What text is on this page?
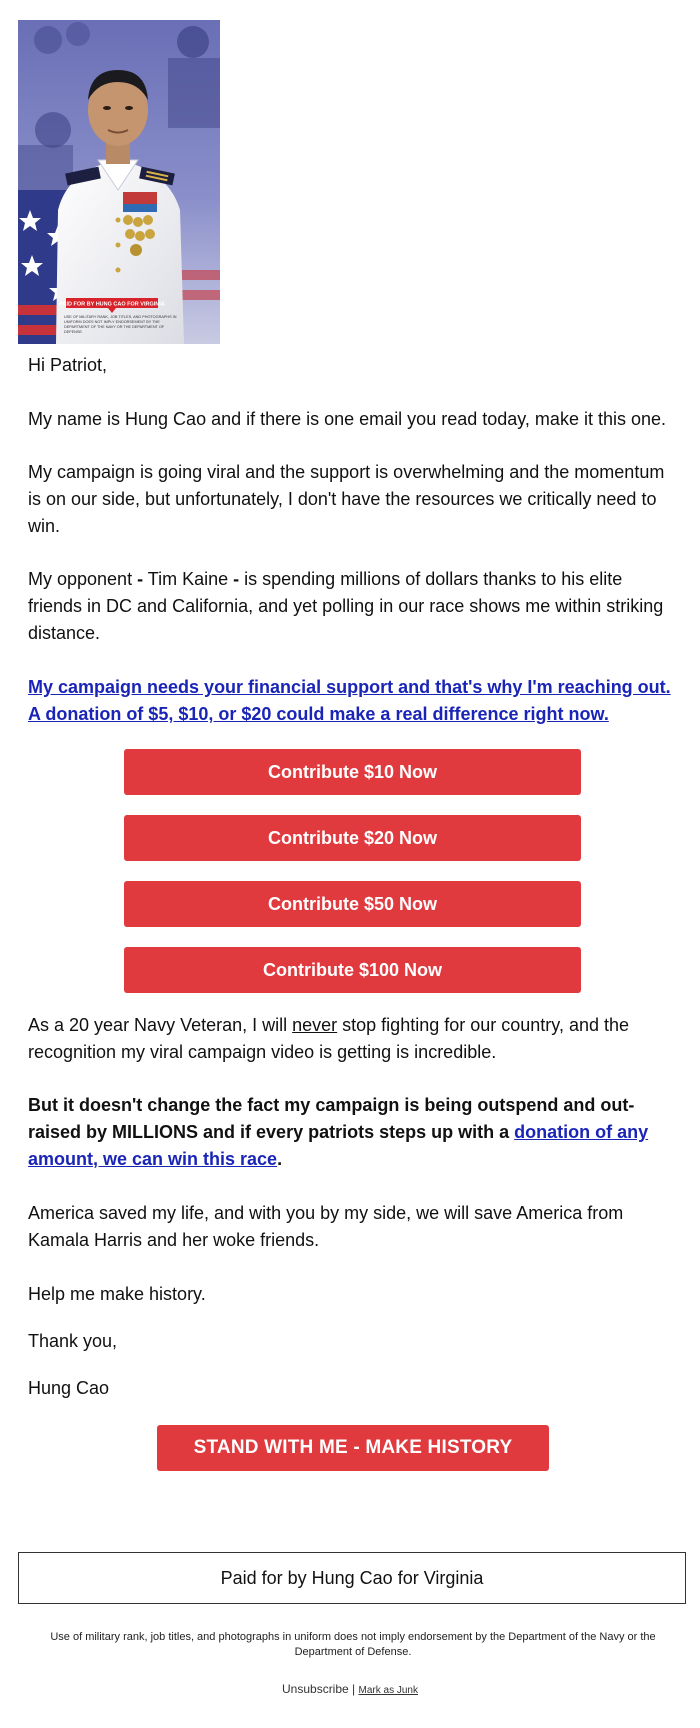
PAID FOR BY HUNG CAO FOR VIRGINIA
USE OF MILITARY RANK, JOB TITLES, AND PHOTOGRAPHS IN UNIFORM DOES NOT IMPLY ENDORSEMENT BY THE DEPARTMENT OF THE NAVY OR THE DEPARTMENT OF DEFENSE.
Hi Patriot,
My name is Hung Cao and if there is one email you read today, make it this one.
My campaign is going viral and the support is overwhelming and the momentum is on our side, but unfortunately, I don't have the resources we critically need to win.
My opponent - Tim Kaine - is spending millions of dollars thanks to his elite friends in DC and California, and yet polling in our race shows me within striking distance.
My campaign needs your financial support and that's why I'm reaching out. A donation of $5, $10, or $20 could make a real difference right now.
Contribute $10 Now
Contribute $20 Now
Contribute $50 Now
Contribute $100 Now
As a 20 year Navy Veteran, I will never stop fighting for our country, and the recognition my viral campaign video is getting is incredible.
But it doesn't change the fact my campaign is being outspend and out-raised by MILLIONS and if every patriots steps up with a donation of any amount, we can win this race.
America saved my life, and with you by my side, we will save America from Kamala Harris and her woke friends.
Help me make history.
Thank you,
Hung Cao
STAND WITH ME - MAKE HISTORY
Paid for by Hung Cao for Virginia
Use of military rank, job titles, and photographs in uniform does not imply endorsement by the Department of the Navy or the Department of Defense.
Unsubscribe | Mark as Junk
